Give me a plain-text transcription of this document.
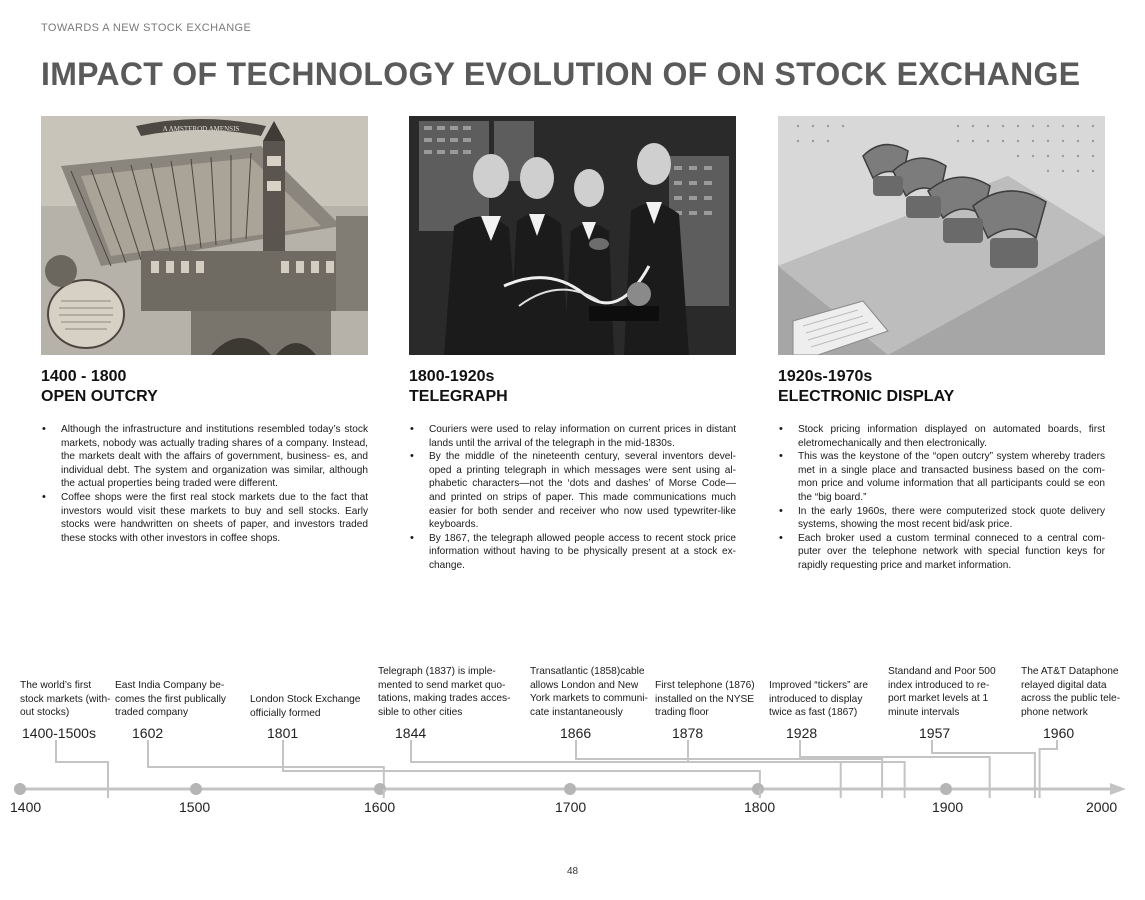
TOWARDS A NEW STOCK EXCHANGE
IMPACT OF TECHNOLOGY EVOLUTION OF ON STOCK EXCHANGE
A AMSTEROD AMENSIS
1400 - 1800
OPEN OUTCRY
• Although the infrastructure and institutions resembled today’s stock markets, nobody was actually trading shares of a company. Instead, the markets dealt with the affairs of government, business- es, and individual debt. The system and organization was similar, although the actual properties being traded were different.
• Coffee shops were the first real stock markets due to the fact that investors would visit these markets to buy and sell stocks. Early stocks were handwritten on sheets of paper, and investors traded these stocks with other investors in coffee shops.
1800-1920s
TELEGRAPH
• Couriers were used to relay information on current prices in distant lands until the arrival of the telegraph in the mid-1830s.
• By the middle of the nineteenth century, several inventors devel- oped a printing telegraph in which messages were sent using al- phabetic characters—not the ‘dots and dashes’ of Morse Code— and printed on strips of paper. This made communications much easier for both sender and receiver who now used typewriter-like keyboards.
• By 1867, the telegraph allowed people access to recent stock price information without having to be physically present at a stock ex- change.
1920s-1970s
ELECTRONIC DISPLAY
• Stock pricing information displayed on automated boards, first eletromechanically and then electronically.
• This was the keystone of the “open outcry” system whereby traders met in a single place and transacted business based on the com- mon price and volume information that all participants could se eon the “big board.”
• In the early 1960s, there were computerized stock quote delivery systems, showing the most recent bid/ask price.
• Each broker used a custom terminal conneced to a central com- puter over the telephone network with special function keys for rapidly requesting price and market information.
The world’s first stock markets (with- out stocks)
East India Company be- comes the first publically traded company
London Stock Exchange officially formed
Telegraph (1837) is imple- mented to send market quo- tations, making trades acces- sible to other cities
Transatlantic (1858)cable allows London and New York markets to communi- cate instantaneously
First telephone (1876) installed on the NYSE trading floor
Improved “tickers” are introduced to display twice as fast (1867)
Standand and Poor 500 index introduced to re- port market levels at 1 minute intervals
The AT&T Dataphone relayed digital data across the public tele- phone network
1400-1500s	1602	1801	1844	1866	1878	1928	1957	1960
1400	1500	1600	1700	1800	1900	2000
48
